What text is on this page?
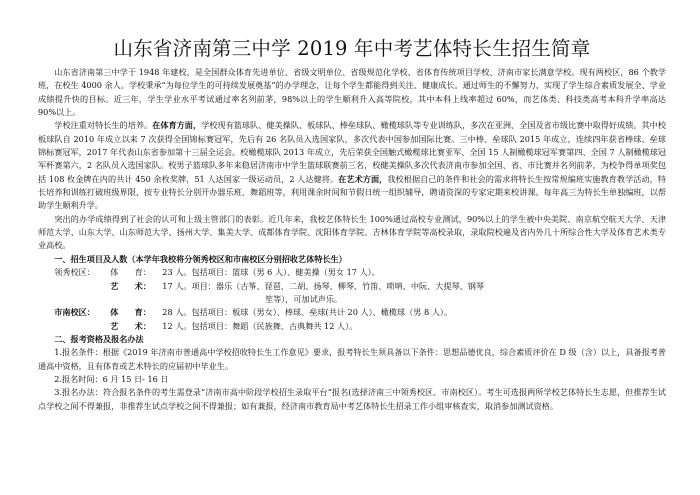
山东省济南第三中学 2019 年中考艺体特长生招生简章

山东省济南第三中学于 1948 年建校，是全国群众体育先进单位、省级文明单位、省级规范化学校、省体育传统项目学校、济南市家长满意学校。现有两校区，86 个教学班，在校生 4000 余人。学校秉承“为每位学生的可持续发展奠基”的办学理念，让每个学生都能得到关注、健康成长。通过师生的不懈努力，实现了学生综合素质发展全、学业成绩提升快的目标。近三年，学生学业水平考试通过率名列前茅，98%以上的学生顺利升入高等院校，其中本科上线率超过 60%，而艺体类、科技类高考本科升学率高达 90%以上。

学校注重对特长生的培养。在体育方面，学校现有篮球队、健美操队、板球队、棒垒球队、橄榄球队等专业训练队，多次在亚洲、全国及省市级比赛中取得好成绩。其中校板球队自 2010 年成立以来 7 次获得全国锦标赛冠军，先后有 26 名队员入选国家队，多次代表中国参加国际比赛。三中棒、垒球队 2015 年成立，连续四年获省棒球、垒球锦标赛冠军，2017 年代表山东省参加第十三届全运会。校橄榄球队 2013 年成立，先后荣获全国触式橄榄球比赛亚军、全国 15 人制橄榄球冠军赛第四、全国 7 人制橄榄球冠军杯赛第六，2 名队员入选国家队。校男子篮球队多年来稳居济南市中学生篮球联赛前三名，校健美操队多次代表济南市参加全国、省、市比赛并名列前茅，为校争得单项奖包括 108 枚金牌在内的共计 450 余枚奖牌，51 人达国家一级运动员，2 人达健将。在艺术方面，我校根据自己的条件和社会的需求将特长生按常规编班实施教育教学活动，特长培养和训练打破班级界限，按专业特长分别开办器乐班、舞蹈班等，利用课余时间和节假日统一组织辅导，聘请资深的专家定期来校讲课。每年高三为特长生单独编班，以帮助学生顺利升学。

突出的办学成绩得到了社会的认可和上级主管部门的表彰。近几年来，我校艺体特长生 100%通过高校专业测试，90%以上的学生被中央美院、南京航空航天大学、天津师范大学、山东大学、山东师范大学、扬州大学、集美大学、成都体育学院、沈阳体育学院、吉林体育学院等高校录取，录取院校遍及省内外几十所综合性大学及体育艺术类专业高校。

一、招生项目及人数（本学年我校将分领秀校区和市南校区分别招收艺体特长生）

领秀校区：	体　　育：	23 人。包括项目：篮球（男 6 人）、健美操（男女 17 人）。
艺　　术：	17 人。项目：器乐（古筝、琵琶、二胡、扬琴、柳琴、竹笛、唢呐、中阮、大提琴、钢琴

笙等），可加试声乐。

市南校区：	体　　育：	28 人。包括项目：板球（男女）、棒球、垒球(共计 20 人）、橄榄球（男 8 人）。
艺　　术：	12 人。包括项目：舞蹈（民族舞、古典舞共 12 人）。

二、报考资格及报名办法

1.报名条件：根据《2019 年济南市普通高中学校招收特长生工作意见》要求，报考特长生须具备以下条件：思想品德优良，综合素质评价在 D 级（含）以上，具备报考普通高中资格，且有体育或艺术特长的应届初中毕业生。

2.报名时间：6 月 15 日- 16 日

3.报名办法：符合报名条件的考生需登录“济南市高中阶段学校招生录取平台”报名(选择济南三中领秀校区、市南校区）。考生可选报两所学校艺体特长生志愿，但推荐生试点学校之间不得兼报，非推荐生试点学校之间不得兼报；如有兼报，经济南市教育局中考艺体特长生招录工作小组审核查实，取消参加测试资格。
